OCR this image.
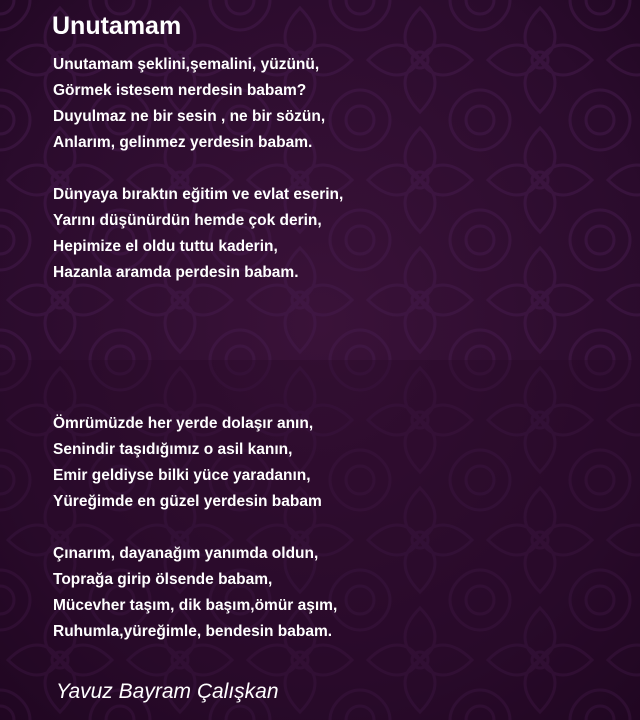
Unutamam

Unutamam şeklini,şemalini, yüzünü,
Görmek istesem nerdesin babam?
Duyulmaz ne bir sesin , ne bir sözün,
Anlarım, gelinmez yerdesin babam.

Dünyaya bıraktın eğitim ve evlat eserin,
Yarını düşünürdün hemde çok derin,
Hepimize el oldu tuttu kaderin,
Hazanla aramda perdesin babam.

Ömrümüzde her yerde dolaşır anın,
Senindir taşıdığımız o asil kanın,
Emir geldiyse bilki yüce yaradanın,
Yüreğimde en güzel yerdesin babam

Çınarım, dayanağım yanımda oldun,
Toprağa girip ölsende babam,
Mücevher taşım, dik başım,ömür aşım,
Ruhumla,yüreğimle, bendesin babam.

Yavuz Bayram Çalışkan
